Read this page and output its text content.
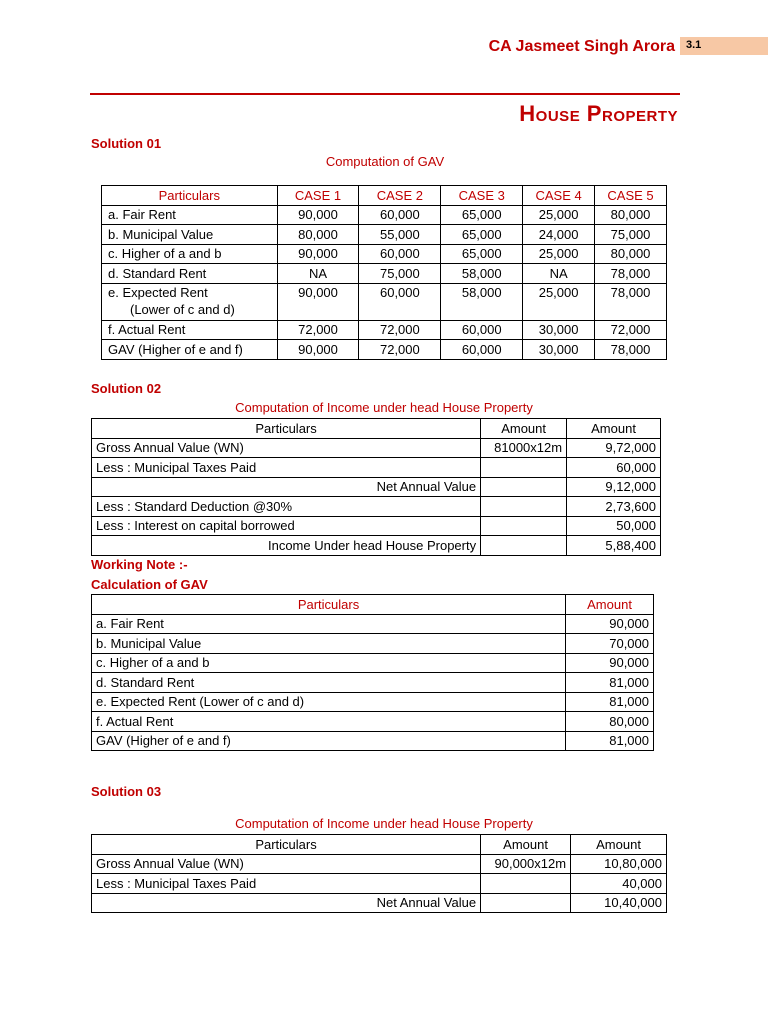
CA Jasmeet Singh Arora 3.1
House Property
Solution 01
Computation of GAV
Particulars	CASE 1	CASE 2	CASE 3	CASE 4	CASE 5
a. Fair Rent	90,000	60,000	65,000	25,000	80,000
b. Municipal Value	80,000	55,000	65,000	24,000	75,000
c. Higher of a and b	90,000	60,000	65,000	25,000	80,000
d. Standard Rent	NA	75,000	58,000	NA	78,000

e. Expected Rent
(Lower of c and d)	90,000	60,000	58,000	25,000	78,000
f. Actual Rent	72,000	72,000	60,000	30,000	72,000
GAV (Higher of e and f)	90,000	72,000	60,000	30,000	78,000
Solution 02
Computation of Income under head House Property
Particulars	Amount	Amount
Gross Annual Value (WN)	81000x12m	9,72,000
Less : Municipal Taxes Paid		60,000
Net Annual Value		9,12,000
Less : Standard Deduction @30%		2,73,600
Less : Interest on capital borrowed		50,000
Income Under head House Property		5,88,400
Working Note :-
Calculation of GAV
Particulars	Amount
a. Fair Rent	90,000
b. Municipal Value	70,000
c. Higher of a and b	90,000
d. Standard Rent	81,000
e. Expected Rent (Lower of c and d)	81,000
f. Actual Rent	80,000
GAV (Higher of e and f)	81,000
Solution 03
Computation of Income under head House Property
Particulars	Amount	Amount
Gross Annual Value (WN)	90,000x12m	10,80,000
Less : Municipal Taxes Paid		40,000
Net Annual Value		10,40,000
